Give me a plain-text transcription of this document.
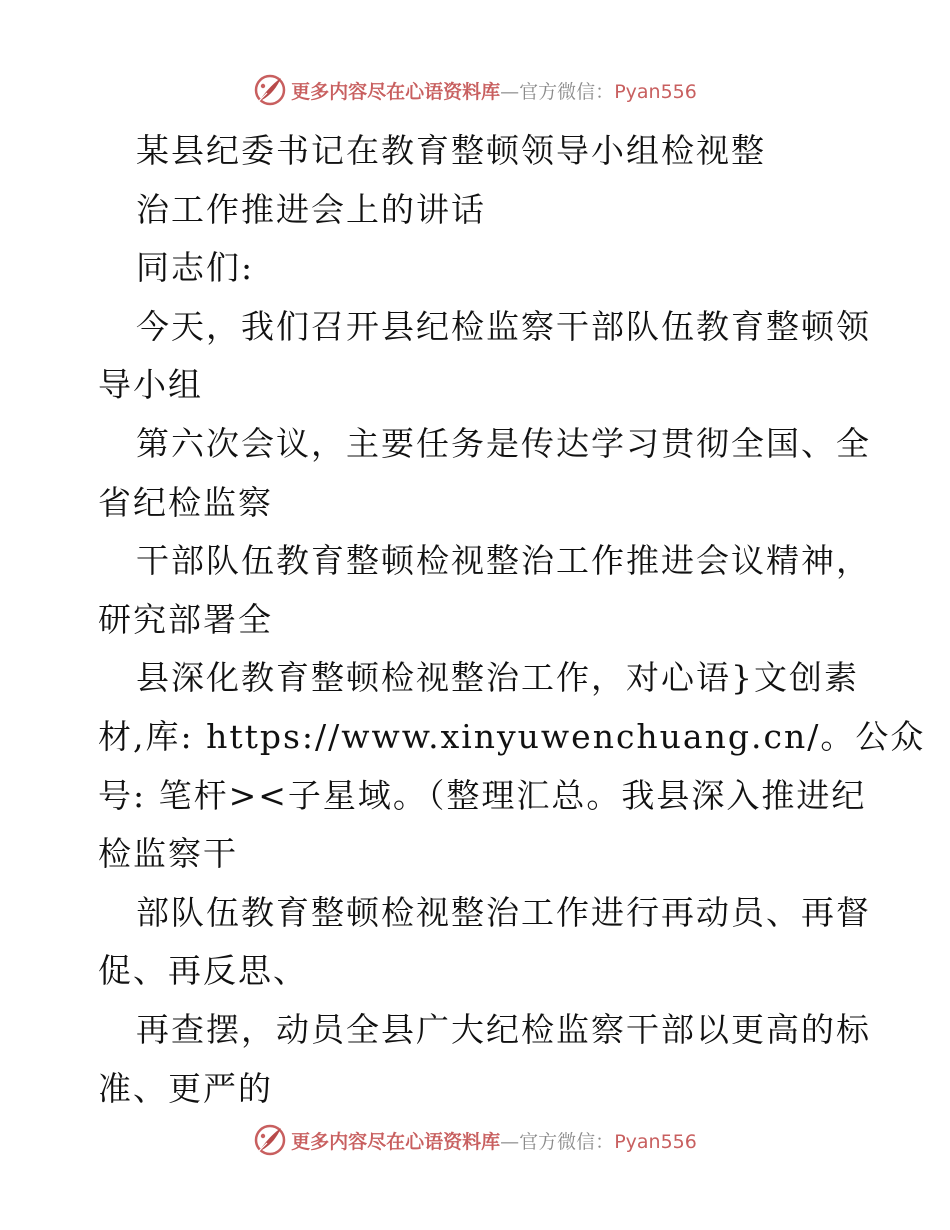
更多内容尽在心语资料库—官方微信：Pyan556
某县纪委书记在教育整顿领导小组检视整
治工作推进会上的讲话
同志们:
今天，我们召开县纪检监察干部队伍教育整顿领
导小组
第六次会议，主要任务是传达学习贯彻全国、全
省纪检监察
干部队伍教育整顿检视整治工作推进会议精神，
研究部署全
县深化教育整顿检视整治工作，对心语}文创素
材,库: https://www.xinyuwenchuang.cn/。公众
号: 笔杆><子星域。（整理汇总。我县深入推进纪
检监察干
部队伍教育整顿检视整治工作进行再动员、再督
促、再反思、
再查摆，动员全县广大纪检监察干部以更高的标
准、更严的
更多内容尽在心语资料库—官方微信：Pyan556
